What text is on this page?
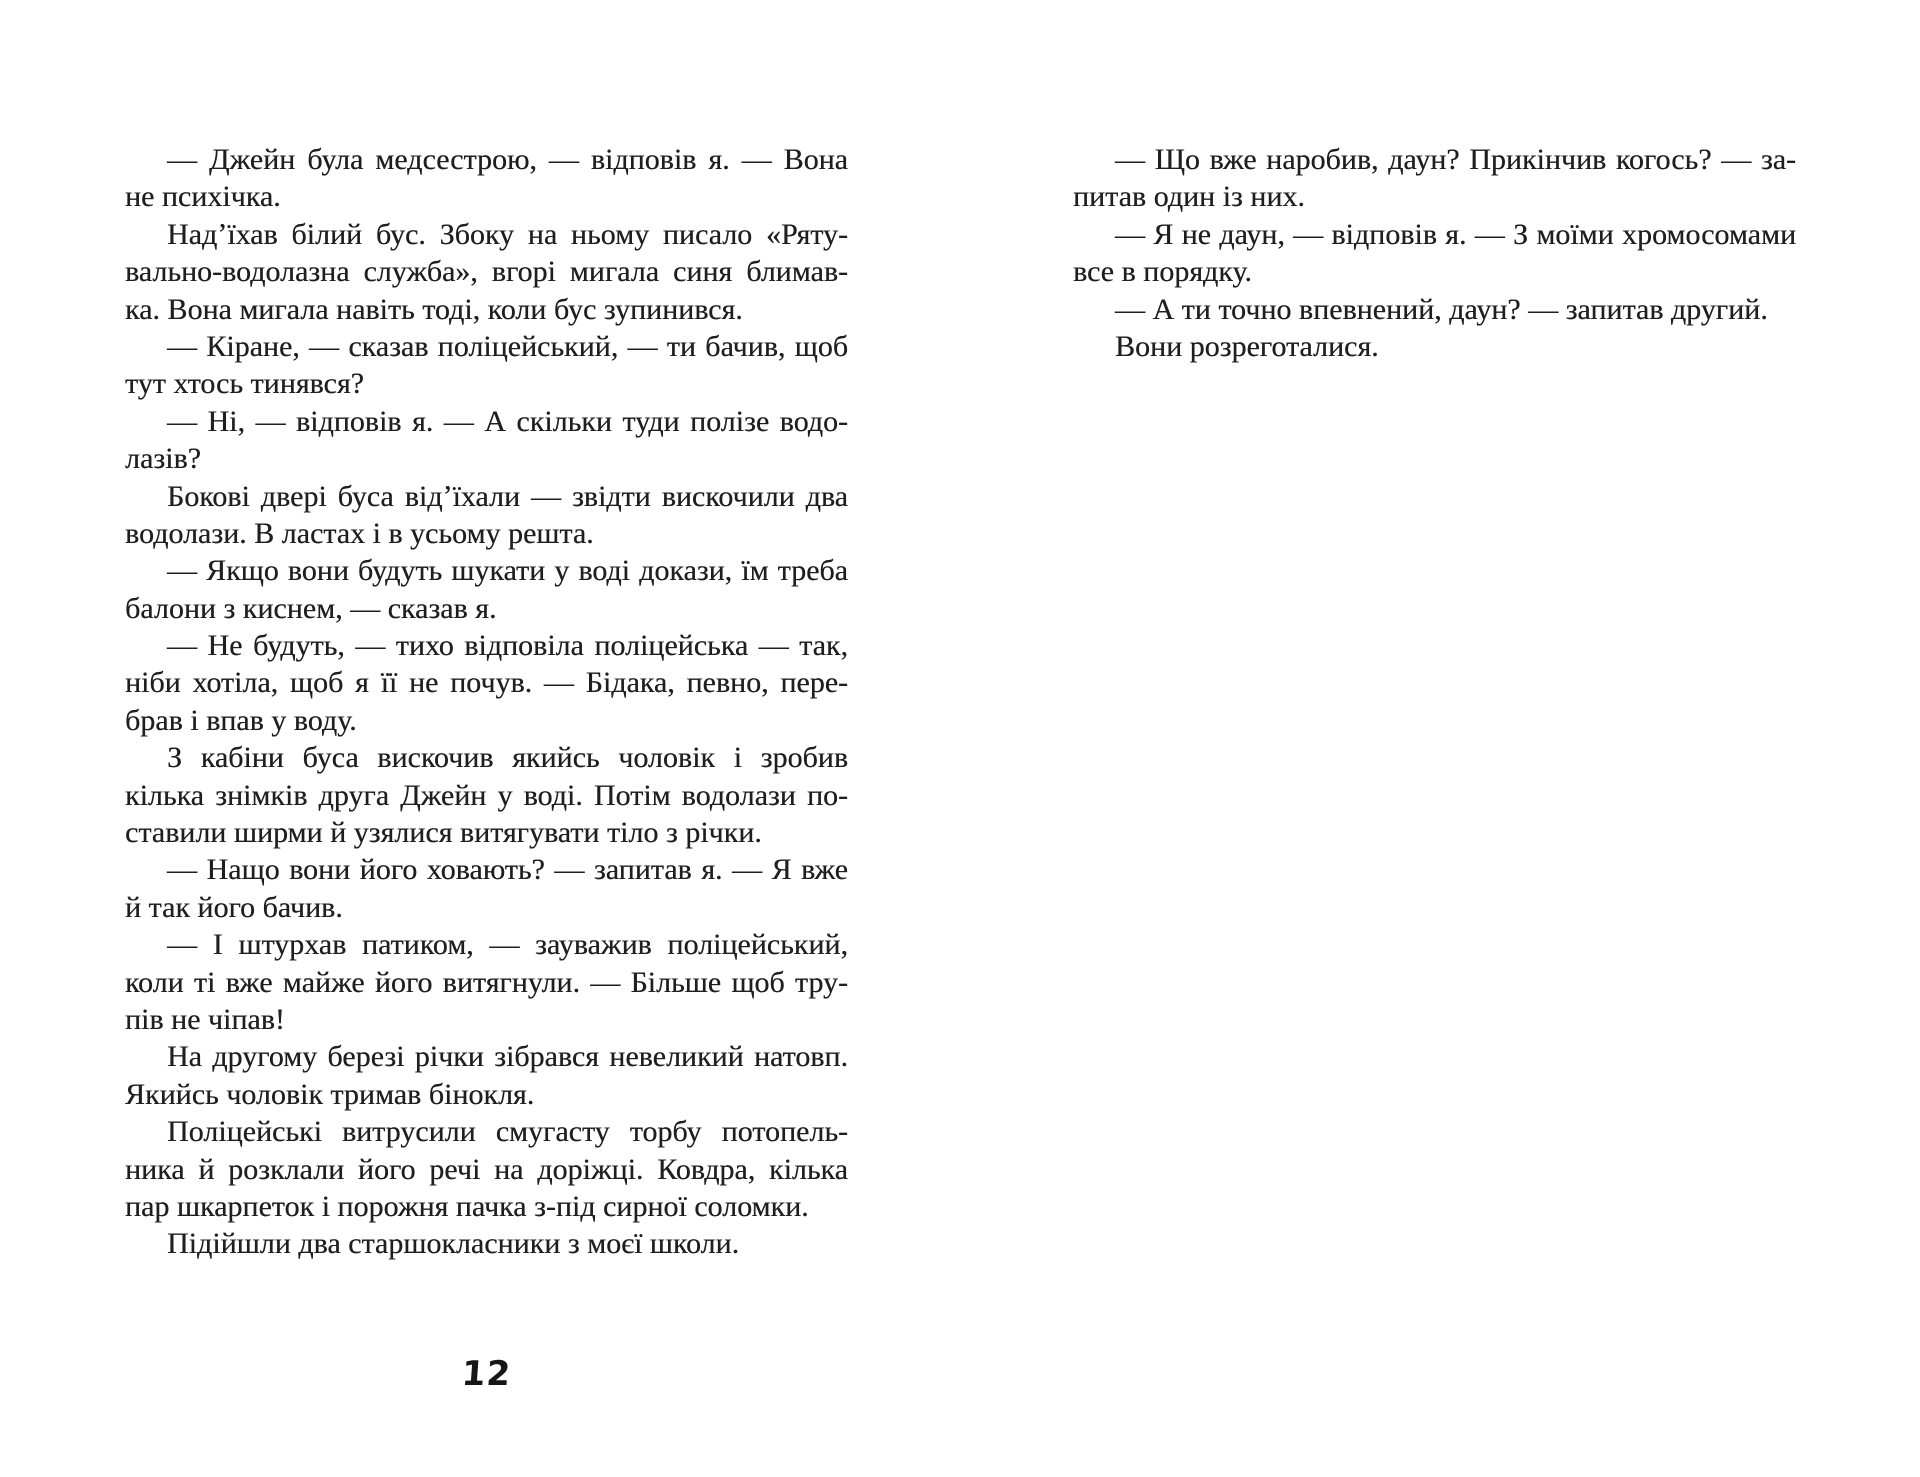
— Джейн була медсестрою, — відповів я. — Вона
не психічка.
Надʼїхав білий бус. Збоку на ньому писало «Ряту-
вально-водолазна служба», вгорі мигала синя блимав-
ка. Вона мигала навіть тоді, коли бус зупинився.
— Кіране, — сказав поліцейський, — ти бачив, щоб
тут хтось тинявся?
— Ні, — відповів я. — А скільки туди полізе водо-
лазів?
Бокові двері буса відʼїхали — звідти вискочили два
водолази. В ластах і в усьому решта.
— Якщо вони будуть шукати у воді докази, їм треба
балони з киснем, — сказав я.
— Не будуть, — тихо відповіла поліцейська — так,
ніби хотіла, щоб я її не почув. — Бідака, певно, пере-
брав і впав у воду.
З кабіни буса вискочив якийсь чоловік і зробив
кілька знімків друга Джейн у воді. Потім водолази по-
ставили ширми й узялися витягувати тіло з річки.
— Нащо вони його ховають? — запитав я. — Я вже
й так його бачив.
— І штурхав патиком, — зауважив поліцейський,
коли ті вже майже його витягнули. — Більше щоб тру-
пів не чіпав!
На другому березі річки зібрався невеликий натовп.
Якийсь чоловік тримав бінокля.
Поліцейські витрусили смугасту торбу потопель-
ника й розклали його речі на доріжці. Ковдра, кілька
пар шкарпеток і порожня пачка з-під сирної соломки.
Підійшли два старшокласники з моєї школи.
12
— Що вже наробив, даун? Прикінчив когось? — за-
питав один із них.
— Я не даун, — відповів я. — З моїми хромосомами
все в порядку.
— А ти точно впевнений, даун? — запитав другий.
Вони розреготалися.
